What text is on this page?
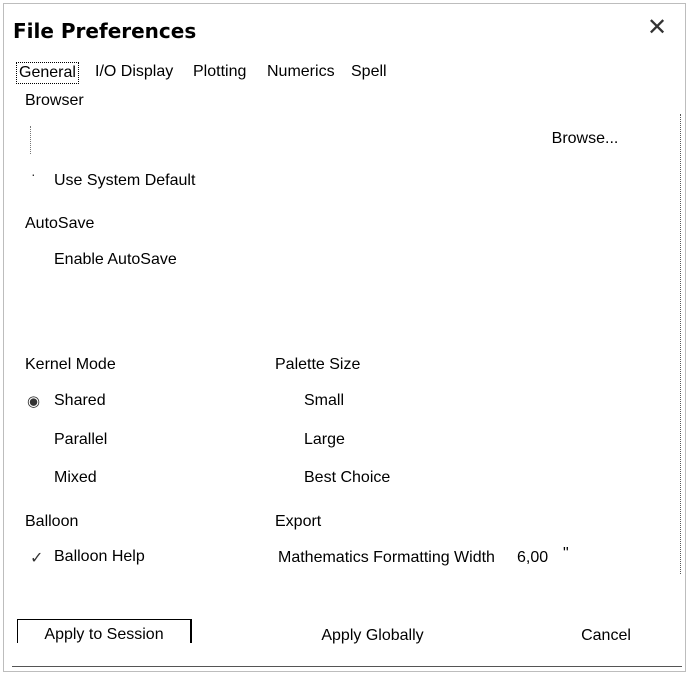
File Preferences	✕
General I/O Display Plotting Numerics Spell
Browser
Browse...
· Use System Default
AutoSave
Enable AutoSave
Kernel Mode
◉ Shared
Parallel
Mixed
Palette Size
Small
Large
Best Choice
Balloon
✓ Balloon Help
Export
Mathematics Formatting Width 6,00 "
Apply to Session	Apply Globally	Cancel
